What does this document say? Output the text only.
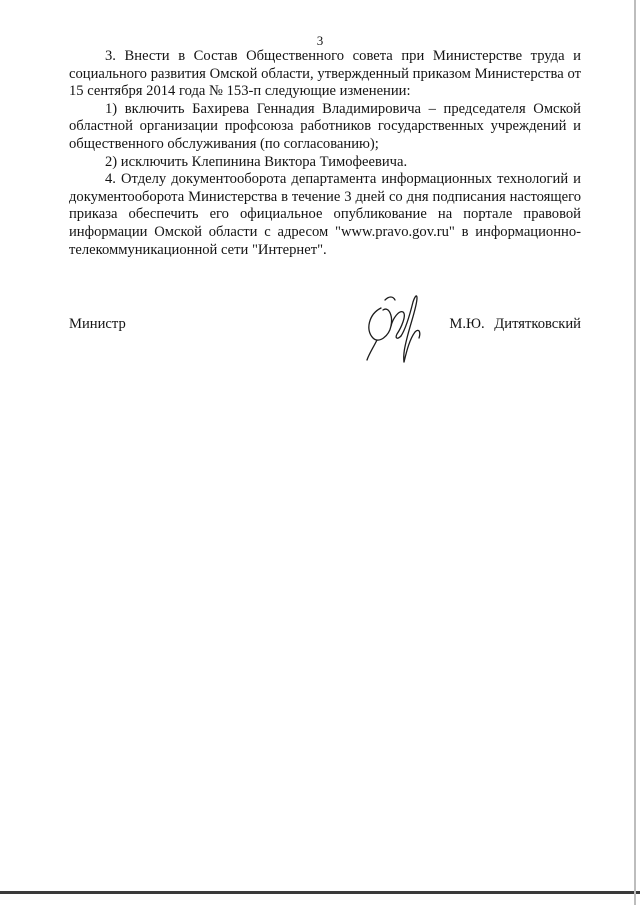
3

3. Внести в Состав Общественного совета при Министерстве труда и социального развития Омской области, утвержденный приказом Министерства от 15 сентября 2014 года № 153-п следующие изменении:

1) включить Бахирева Геннадия Владимировича – председателя Омской областной организации профсоюза работников государственных учреждений и общественного обслуживания (по согласованию);

2) исключить Клепинина Виктора Тимофеевича.

4. Отделу документооборота департамента информационных технологий и документооборота Министерства в течение 3 дней со дня подписания настоящего приказа обеспечить его официальное опубликование на портале правовой информации Омской области с адресом "www.pravo.gov.ru" в информационно-телекоммуникационной сети "Интернет".

Министр	М.Ю. Дитятковский
